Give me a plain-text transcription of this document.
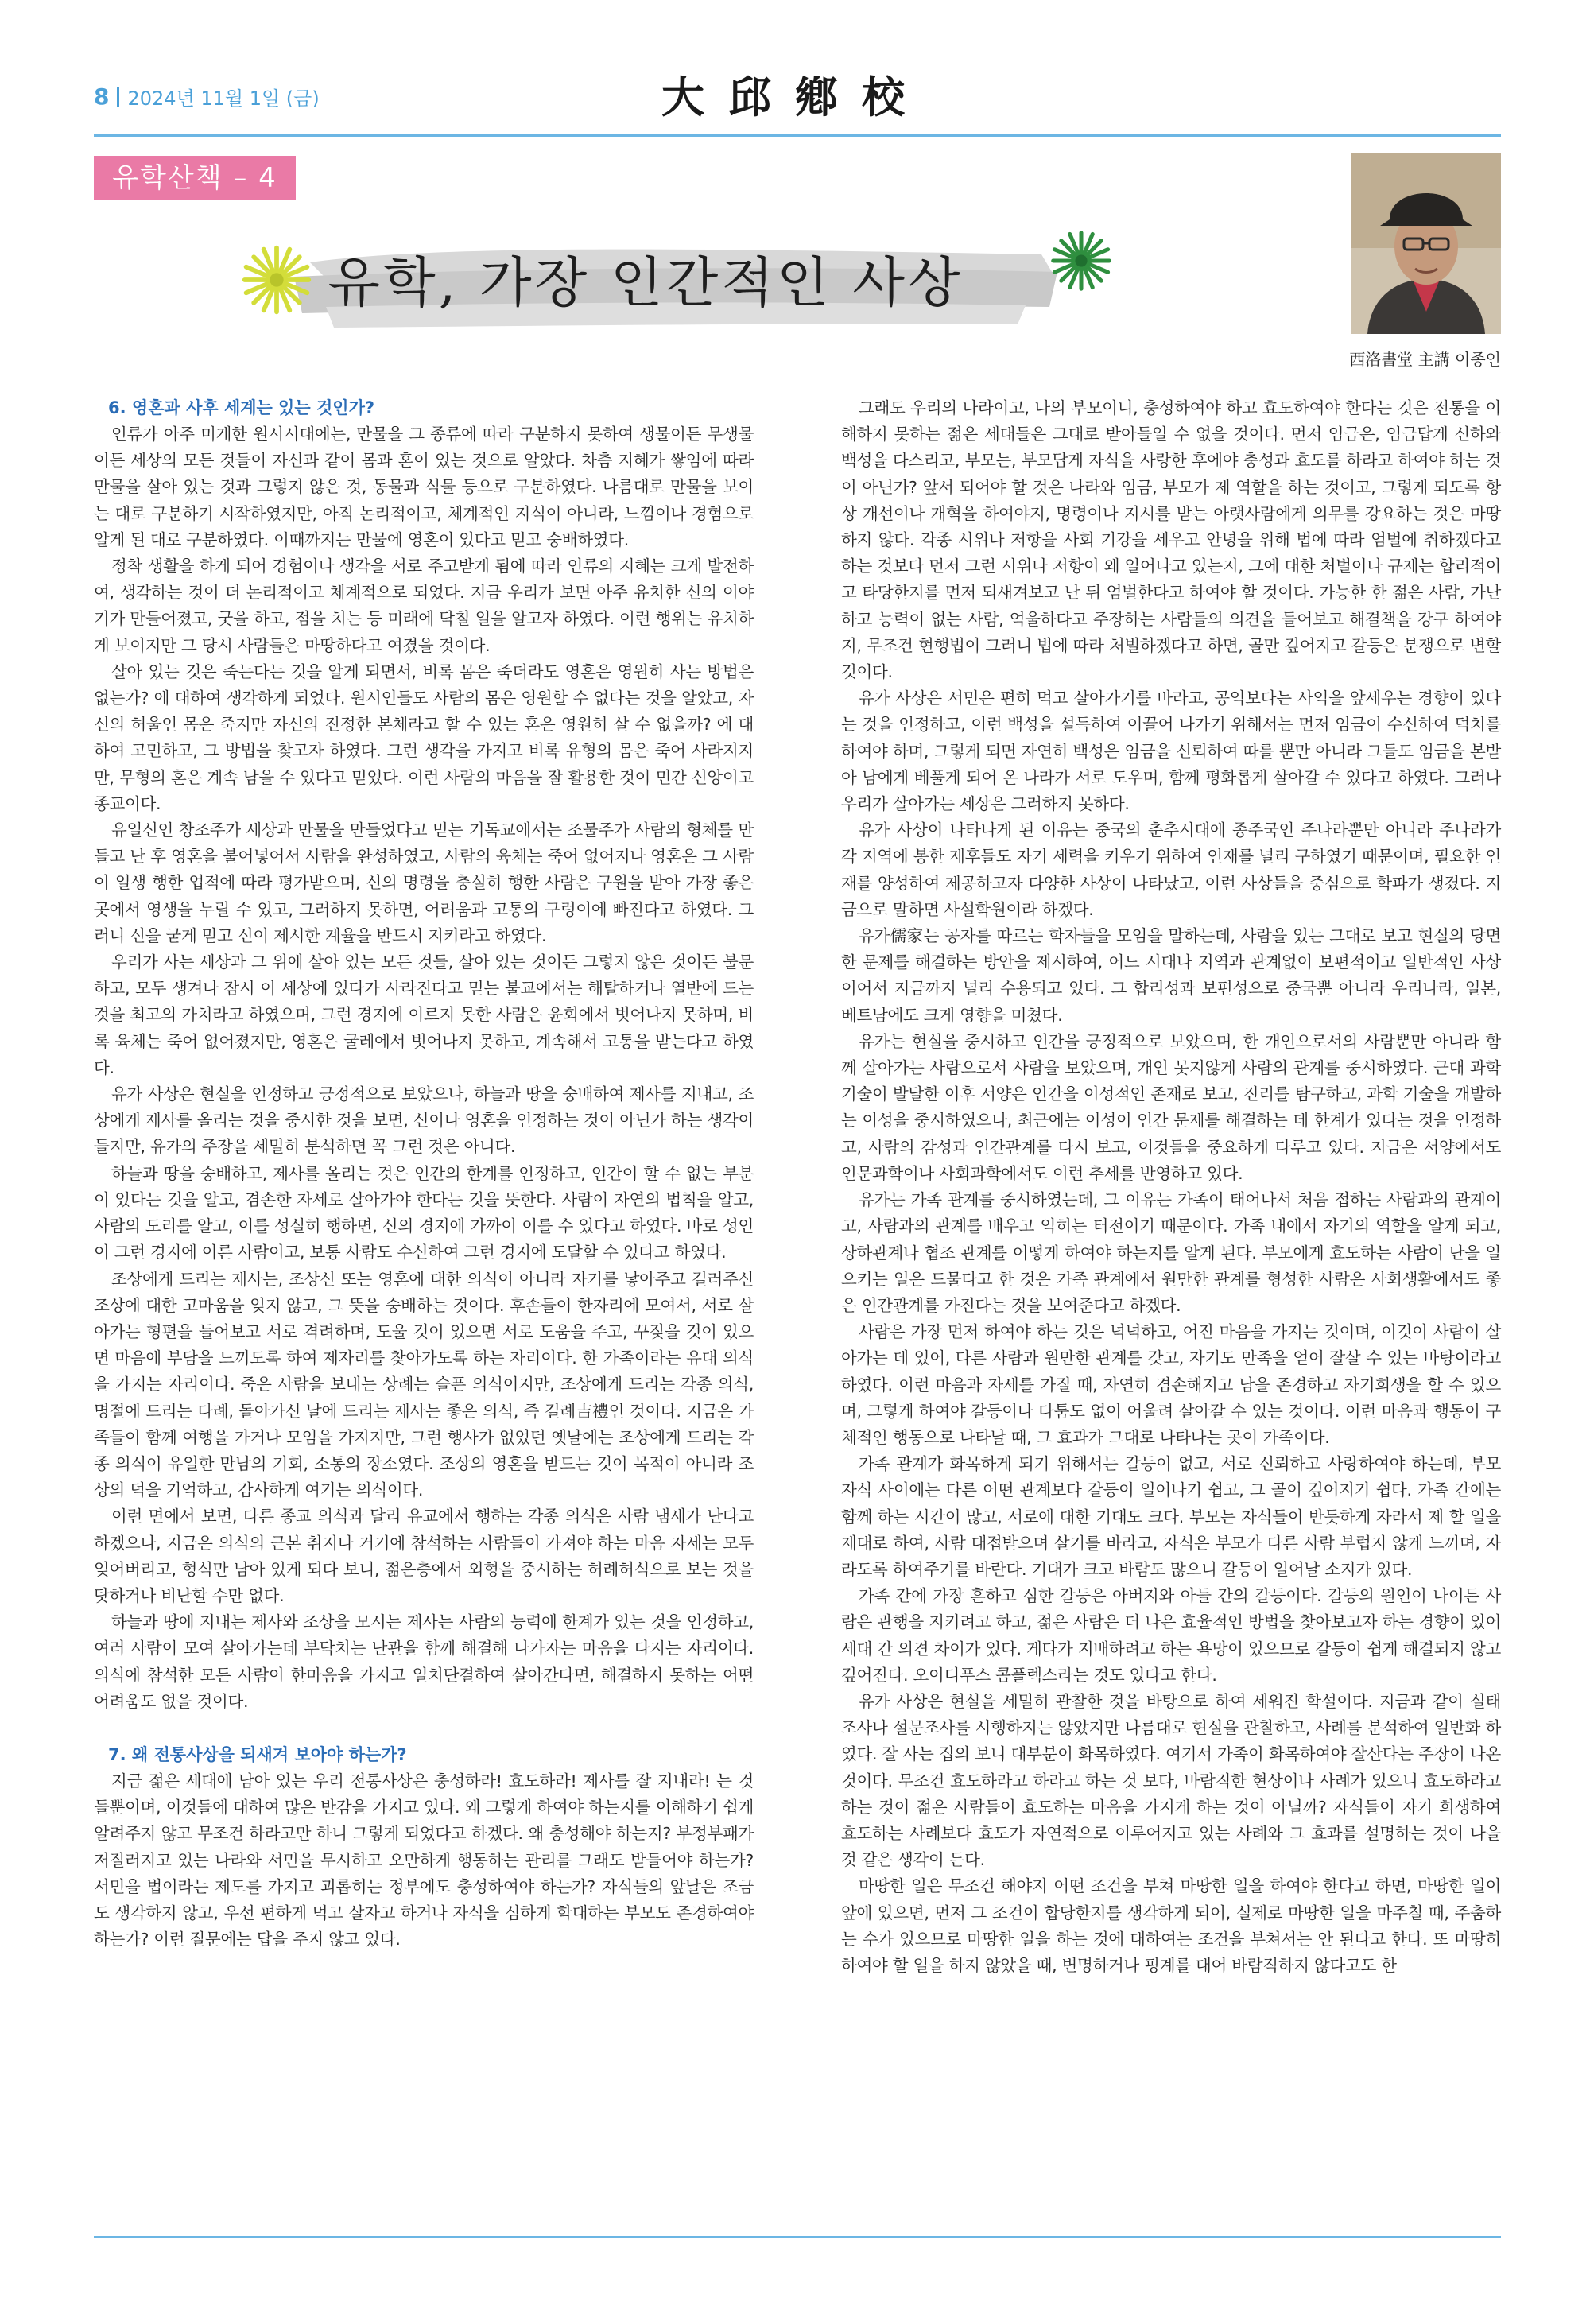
8 2024년 11월 1일 (금)	大邱鄕校
유학산책 – 4
유학, 가장 인간적인 사상
西洛書堂 主講 이종인
6. 영혼과 사후 세계는 있는 것인가?

인류가 아주 미개한 원시시대에는, 만물을 그 종류에 따라 구분하지 못하여 생물이든 무생물이든 세상의 모든 것들이 자신과 같이 몸과 혼이 있는 것으로 알았다. 차츰 지혜가 쌓임에 따라 만물을 살아 있는 것과 그렇지 않은 것, 동물과 식물 등으로 구분하였다. 나름대로 만물을 보이는 대로 구분하기 시작하였지만, 아직 논리적이고, 체계적인 지식이 아니라, 느낌이나 경험으로 알게 된 대로 구분하였다. 이때까지는 만물에 영혼이 있다고 믿고 숭배하였다.

정착 생활을 하게 되어 경험이나 생각을 서로 주고받게 됨에 따라 인류의 지혜는 크게 발전하여, 생각하는 것이 더 논리적이고 체계적으로 되었다. 지금 우리가 보면 아주 유치한 신의 이야기가 만들어졌고, 굿을 하고, 점을 치는 등 미래에 닥칠 일을 알고자 하였다. 이런 행위는 유치하게 보이지만 그 당시 사람들은 마땅하다고 여겼을 것이다.

살아 있는 것은 죽는다는 것을 알게 되면서, 비록 몸은 죽더라도 영혼은 영원히 사는 방법은 없는가? 에 대하여 생각하게 되었다. 원시인들도 사람의 몸은 영원할 수 없다는 것을 알았고, 자신의 허울인 몸은 죽지만 자신의 진정한 본체라고 할 수 있는 혼은 영원히 살 수 없을까? 에 대하여 고민하고, 그 방법을 찾고자 하였다. 그런 생각을 가지고 비록 유형의 몸은 죽어 사라지지만, 무형의 혼은 계속 남을 수 있다고 믿었다. 이런 사람의 마음을 잘 활용한 것이 민간 신앙이고 종교이다.

유일신인 창조주가 세상과 만물을 만들었다고 믿는 기독교에서는 조물주가 사람의 형체를 만들고 난 후 영혼을 불어넣어서 사람을 완성하였고, 사람의 육체는 죽어 없어지나 영혼은 그 사람이 일생 행한 업적에 따라 평가받으며, 신의 명령을 충실히 행한 사람은 구원을 받아 가장 좋은 곳에서 영생을 누릴 수 있고, 그러하지 못하면, 어려움과 고통의 구렁이에 빠진다고 하였다. 그러니 신을 굳게 믿고 신이 제시한 계율을 반드시 지키라고 하였다.

우리가 사는 세상과 그 위에 살아 있는 모든 것들, 살아 있는 것이든 그렇지 않은 것이든 불문하고, 모두 생겨나 잠시 이 세상에 있다가 사라진다고 믿는 불교에서는 해탈하거나 열반에 드는 것을 최고의 가치라고 하였으며, 그런 경지에 이르지 못한 사람은 윤회에서 벗어나지 못하며, 비록 육체는 죽어 없어졌지만, 영혼은 굴레에서 벗어나지 못하고, 계속해서 고통을 받는다고 하였다.

유가 사상은 현실을 인정하고 긍정적으로 보았으나, 하늘과 땅을 숭배하여 제사를 지내고, 조상에게 제사를 올리는 것을 중시한 것을 보면, 신이나 영혼을 인정하는 것이 아닌가 하는 생각이 들지만, 유가의 주장을 세밀히 분석하면 꼭 그런 것은 아니다.

하늘과 땅을 숭배하고, 제사를 올리는 것은 인간의 한계를 인정하고, 인간이 할 수 없는 부분이 있다는 것을 알고, 겸손한 자세로 살아가야 한다는 것을 뜻한다. 사람이 자연의 법칙을 알고, 사람의 도리를 알고, 이를 성실히 행하면, 신의 경지에 가까이 이를 수 있다고 하였다. 바로 성인이 그런 경지에 이른 사람이고, 보통 사람도 수신하여 그런 경지에 도달할 수 있다고 하였다.

조상에게 드리는 제사는, 조상신 또는 영혼에 대한 의식이 아니라 자기를 낳아주고 길러주신 조상에 대한 고마움을 잊지 않고, 그 뜻을 숭배하는 것이다. 후손들이 한자리에 모여서, 서로 살아가는 형편을 들어보고 서로 격려하며, 도울 것이 있으면 서로 도움을 주고, 꾸짖을 것이 있으면 마음에 부담을 느끼도록 하여 제자리를 찾아가도록 하는 자리이다. 한 가족이라는 유대 의식을 가지는 자리이다. 죽은 사람을 보내는 상례는 슬픈 의식이지만, 조상에게 드리는 각종 의식, 명절에 드리는 다례, 돌아가신 날에 드리는 제사는 좋은 의식, 즉 길례吉禮인 것이다. 지금은 가족들이 함께 여행을 가거나 모임을 가지지만, 그런 행사가 없었던 옛날에는 조상에게 드리는 각종 의식이 유일한 만남의 기회, 소통의 장소였다. 조상의 영혼을 받드는 것이 목적이 아니라 조상의 덕을 기억하고, 감사하게 여기는 의식이다.

이런 면에서 보면, 다른 종교 의식과 달리 유교에서 행하는 각종 의식은 사람 냄새가 난다고 하겠으나, 지금은 의식의 근본 취지나 거기에 참석하는 사람들이 가져야 하는 마음 자세는 모두 잊어버리고, 형식만 남아 있게 되다 보니, 젊은층에서 외형을 중시하는 허례허식으로 보는 것을 탓하거나 비난할 수만 없다.

하늘과 땅에 지내는 제사와 조상을 모시는 제사는 사람의 능력에 한계가 있는 것을 인정하고, 여러 사람이 모여 살아가는데 부닥치는 난관을 함께 해결해 나가자는 마음을 다지는 자리이다. 의식에 참석한 모든 사람이 한마음을 가지고 일치단결하여 살아간다면, 해결하지 못하는 어떤 어려움도 없을 것이다.

7. 왜 전통사상을 되새겨 보아야 하는가?

지금 젊은 세대에 남아 있는 우리 전통사상은 충성하라! 효도하라! 제사를 잘 지내라! 는 것 들뿐이며, 이것들에 대하여 많은 반감을 가지고 있다. 왜 그렇게 하여야 하는지를 이해하기 쉽게 알려주지 않고 무조건 하라고만 하니 그렇게 되었다고 하겠다. 왜 충성해야 하는지? 부정부패가 저질러지고 있는 나라와 서민을 무시하고 오만하게 행동하는 관리를 그래도 받들어야 하는가? 서민을 법이라는 제도를 가지고 괴롭히는 정부에도 충성하여야 하는가? 자식들의 앞날은 조금도 생각하지 않고, 우선 편하게 먹고 살자고 하거나 자식을 심하게 학대하는 부모도 존경하여야 하는가? 이런 질문에는 답을 주지 않고 있다.

그래도 우리의 나라이고, 나의 부모이니, 충성하여야 하고 효도하여야 한다는 것은 전통을 이해하지 못하는 젊은 세대들은 그대로 받아들일 수 없을 것이다. 먼저 임금은, 임금답게 신하와 백성을 다스리고, 부모는, 부모답게 자식을 사랑한 후에야 충성과 효도를 하라고 하여야 하는 것이 아닌가? 앞서 되어야 할 것은 나라와 임금, 부모가 제 역할을 하는 것이고, 그렇게 되도록 항상 개선이나 개혁을 하여야지, 명령이나 지시를 받는 아랫사람에게 의무를 강요하는 것은 마땅하지 않다. 각종 시위나 저항을 사회 기강을 세우고 안녕을 위해 법에 따라 엄벌에 취하겠다고 하는 것보다 먼저 그런 시위나 저항이 왜 일어나고 있는지, 그에 대한 처벌이나 규제는 합리적이고 타당한지를 먼저 되새겨보고 난 뒤 엄벌한다고 하여야 할 것이다. 가능한 한 젊은 사람, 가난하고 능력이 없는 사람, 억울하다고 주장하는 사람들의 의견을 들어보고 해결책을 강구 하여야지, 무조건 현행법이 그러니 법에 따라 처벌하겠다고 하면, 골만 깊어지고 갈등은 분쟁으로 변할 것이다.

유가 사상은 서민은 편히 먹고 살아가기를 바라고, 공익보다는 사익을 앞세우는 경향이 있다는 것을 인정하고, 이런 백성을 설득하여 이끌어 나가기 위해서는 먼저 임금이 수신하여 덕치를 하여야 하며, 그렇게 되면 자연히 백성은 임금을 신뢰하여 따를 뿐만 아니라 그들도 임금을 본받아 남에게 베풀게 되어 온 나라가 서로 도우며, 함께 평화롭게 살아갈 수 있다고 하였다. 그러나 우리가 살아가는 세상은 그러하지 못하다.

유가 사상이 나타나게 된 이유는 중국의 춘추시대에 종주국인 주나라뿐만 아니라 주나라가 각 지역에 봉한 제후들도 자기 세력을 키우기 위하여 인재를 널리 구하였기 때문이며, 필요한 인재를 양성하여 제공하고자 다양한 사상이 나타났고, 이런 사상들을 중심으로 학파가 생겼다. 지금으로 말하면 사설학원이라 하겠다.

유가儒家는 공자를 따르는 학자들을 모임을 말하는데, 사람을 있는 그대로 보고 현실의 당면한 문제를 해결하는 방안을 제시하여, 어느 시대나 지역과 관계없이 보편적이고 일반적인 사상이어서 지금까지 널리 수용되고 있다. 그 합리성과 보편성으로 중국뿐 아니라 우리나라, 일본, 베트남에도 크게 영향을 미쳤다.

유가는 현실을 중시하고 인간을 긍정적으로 보았으며, 한 개인으로서의 사람뿐만 아니라 함께 살아가는 사람으로서 사람을 보았으며, 개인 못지않게 사람의 관계를 중시하였다. 근대 과학 기술이 발달한 이후 서양은 인간을 이성적인 존재로 보고, 진리를 탐구하고, 과학 기술을 개발하는 이성을 중시하였으나, 최근에는 이성이 인간 문제를 해결하는 데 한계가 있다는 것을 인정하고, 사람의 감성과 인간관계를 다시 보고, 이것들을 중요하게 다루고 있다. 지금은 서양에서도 인문과학이나 사회과학에서도 이런 추세를 반영하고 있다.

유가는 가족 관계를 중시하였는데, 그 이유는 가족이 태어나서 처음 접하는 사람과의 관계이고, 사람과의 관계를 배우고 익히는 터전이기 때문이다. 가족 내에서 자기의 역할을 알게 되고, 상하관계나 협조 관계를 어떻게 하여야 하는지를 알게 된다. 부모에게 효도하는 사람이 난을 일으키는 일은 드물다고 한 것은 가족 관계에서 원만한 관계를 형성한 사람은 사회생활에서도 좋은 인간관계를 가진다는 것을 보여준다고 하겠다.

사람은 가장 먼저 하여야 하는 것은 넉넉하고, 어진 마음을 가지는 것이며, 이것이 사람이 살아가는 데 있어, 다른 사람과 원만한 관계를 갖고, 자기도 만족을 얻어 잘살 수 있는 바탕이라고 하였다. 이런 마음과 자세를 가질 때, 자연히 겸손해지고 남을 존경하고 자기희생을 할 수 있으며, 그렇게 하여야 갈등이나 다툼도 없이 어울려 살아갈 수 있는 것이다. 이런 마음과 행동이 구체적인 행동으로 나타날 때, 그 효과가 그대로 나타나는 곳이 가족이다.

가족 관계가 화목하게 되기 위해서는 갈등이 없고, 서로 신뢰하고 사랑하여야 하는데, 부모 자식 사이에는 다른 어떤 관계보다 갈등이 일어나기 쉽고, 그 골이 깊어지기 쉽다. 가족 간에는 함께 하는 시간이 많고, 서로에 대한 기대도 크다. 부모는 자식들이 반듯하게 자라서 제 할 일을 제대로 하여, 사람 대접받으며 살기를 바라고, 자식은 부모가 다른 사람 부럽지 않게 느끼며, 자라도록 하여주기를 바란다. 기대가 크고 바람도 많으니 갈등이 일어날 소지가 있다.

가족 간에 가장 흔하고 심한 갈등은 아버지와 아들 간의 갈등이다. 갈등의 원인이 나이든 사람은 관행을 지키려고 하고, 젊은 사람은 더 나은 효율적인 방법을 찾아보고자 하는 경향이 있어 세대 간 의견 차이가 있다. 게다가 지배하려고 하는 욕망이 있으므로 갈등이 쉽게 해결되지 않고 깊어진다. 오이디푸스 콤플렉스라는 것도 있다고 한다.

유가 사상은 현실을 세밀히 관찰한 것을 바탕으로 하여 세워진 학설이다. 지금과 같이 실태 조사나 설문조사를 시행하지는 않았지만 나름대로 현실을 관찰하고, 사례를 분석하여 일반화 하였다. 잘 사는 집의 보니 대부분이 화목하였다. 여기서 가족이 화목하여야 잘산다는 주장이 나온 것이다. 무조건 효도하라고 하라고 하는 것 보다, 바람직한 현상이나 사례가 있으니 효도하라고 하는 것이 젊은 사람들이 효도하는 마음을 가지게 하는 것이 아닐까? 자식들이 자기 희생하여 효도하는 사례보다 효도가 자연적으로 이루어지고 있는 사례와 그 효과를 설명하는 것이 나을 것 같은 생각이 든다.

마땅한 일은 무조건 해야지 어떤 조건을 부쳐 마땅한 일을 하여야 한다고 하면, 마땅한 일이 앞에 있으면, 먼저 그 조건이 합당한지를 생각하게 되어, 실제로 마땅한 일을 마주칠 때, 주춤하는 수가 있으므로 마땅한 일을 하는 것에 대하여는 조건을 부쳐서는 안 된다고 한다. 또 마땅히 하여야 할 일을 하지 않았을 때, 변명하거나 핑계를 대어 바람직하지 않다고도 한
